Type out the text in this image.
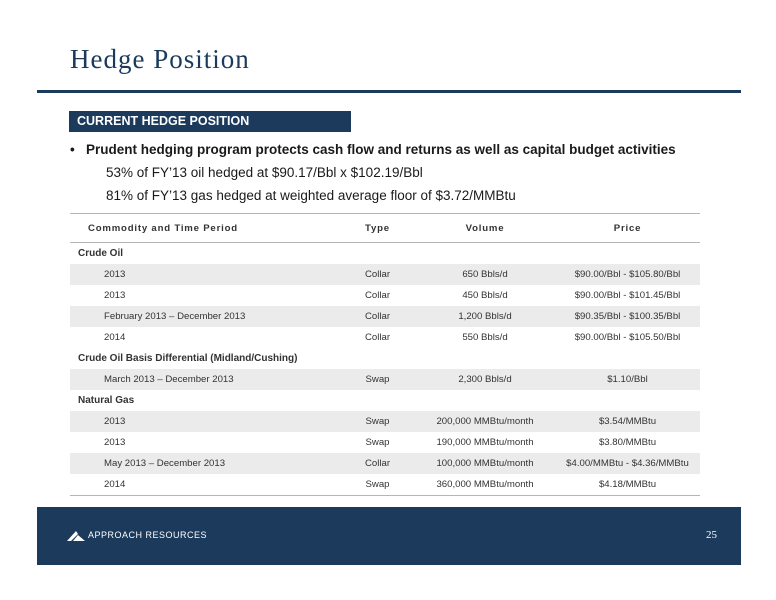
Hedge Position
CURRENT HEDGE POSITION
• Prudent hedging program protects cash flow and returns as well as capital budget activities
53% of FY’13 oil hedged at $90.17/Bbl x $102.19/Bbl
81% of FY’13 gas hedged at weighted average floor of $3.72/MMBtu
Commodity and Time Period	Type	Volume	Price
Crude Oil
2013	Collar	650 Bbls/d	$90.00/Bbl - $105.80/Bbl
2013	Collar	450 Bbls/d	$90.00/Bbl - $101.45/Bbl
February 2013 – December 2013	Collar	1,200 Bbls/d	$90.35/Bbl - $100.35/Bbl
2014	Collar	550 Bbls/d	$90.00/Bbl - $105.50/Bbl
Crude Oil Basis Differential (Midland/Cushing)
March 2013 – December 2013	Swap	2,300 Bbls/d	$1.10/Bbl
Natural Gas
2013	Swap	200,000 MMBtu/month	$3.54/MMBtu
2013	Swap	190,000 MMBtu/month	$3.80/MMBtu
May 2013 – December 2013	Collar	100,000 MMBtu/month	$4.00/MMBtu - $4.36/MMBtu
2014	Swap	360,000 MMBtu/month	$4.18/MMBtu
APPROACH RESOURCES	25
